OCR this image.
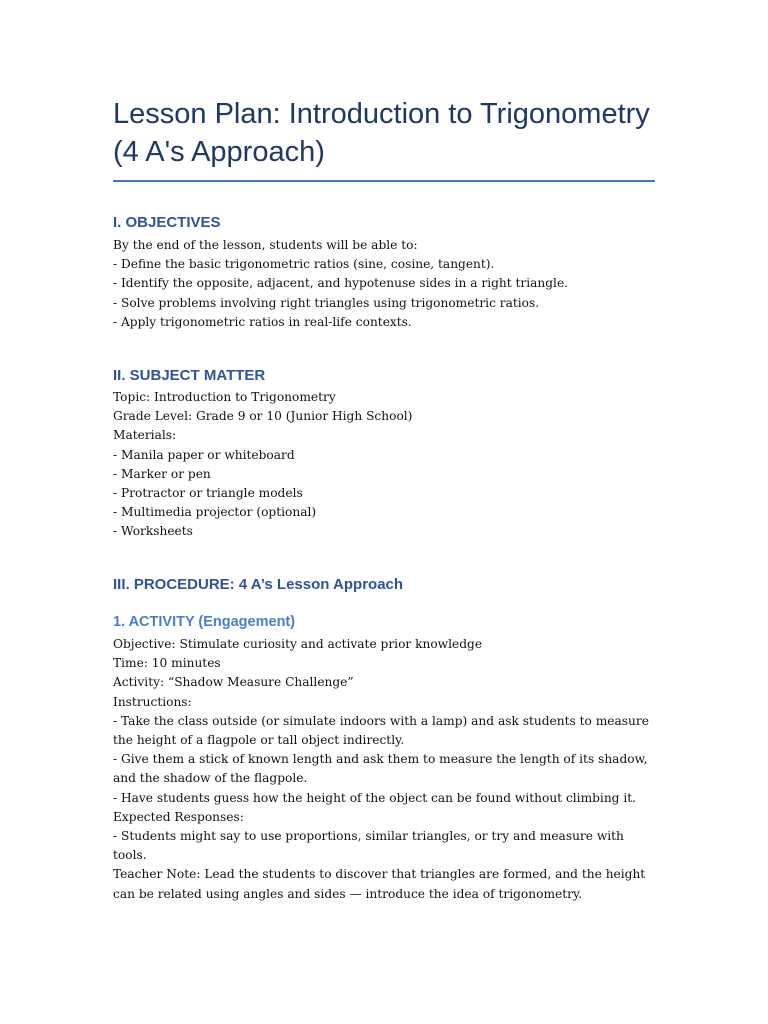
Lesson Plan: Introduction to Trigonometry (4 A's Approach)
I. OBJECTIVES
By the end of the lesson, students will be able to:
- Define the basic trigonometric ratios (sine, cosine, tangent).
- Identify the opposite, adjacent, and hypotenuse sides in a right triangle.
- Solve problems involving right triangles using trigonometric ratios.
- Apply trigonometric ratios in real-life contexts.
II. SUBJECT MATTER
Topic: Introduction to Trigonometry
Grade Level: Grade 9 or 10 (Junior High School)
Materials:
- Manila paper or whiteboard
- Marker or pen
- Protractor or triangle models
- Multimedia projector (optional)
- Worksheets
III. PROCEDURE: 4 A’s Lesson Approach
1. ACTIVITY (Engagement)
Objective: Stimulate curiosity and activate prior knowledge
Time: 10 minutes
Activity: “Shadow Measure Challenge”
Instructions:
- Take the class outside (or simulate indoors with a lamp) and ask students to measure the height of a flagpole or tall object indirectly.
- Give them a stick of known length and ask them to measure the length of its shadow, and the shadow of the flagpole.
- Have students guess how the height of the object can be found without climbing it.
Expected Responses:
- Students might say to use proportions, similar triangles, or try and measure with tools.
Teacher Note: Lead the students to discover that triangles are formed, and the height can be related using angles and sides — introduce the idea of trigonometry.
